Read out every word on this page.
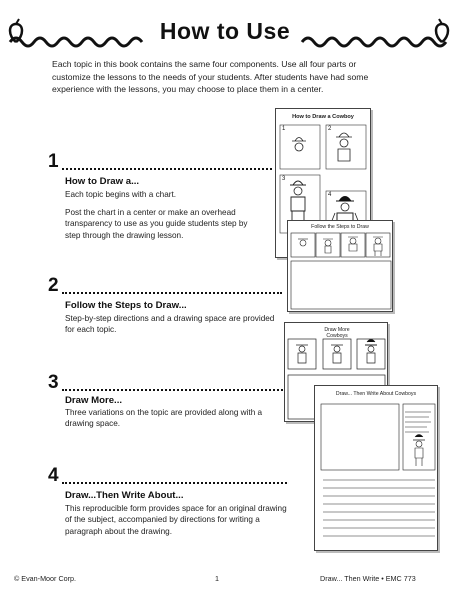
How to Use
Each topic in this book contains the same four components. Use all four parts or customize the lessons to the needs of your students. After students have had some experience with the lessons, you may choose to place them in a center.
1
How to Draw a...
Each topic begins with a chart.
Post the chart in a center or make an overhead transparency to use as you guide students step by step through the drawing lesson.
2
Follow the Steps to Draw...
Step-by-step directions and a drawing space are provided for each topic.
3
Draw More...
Three variations on the topic are provided along with a drawing space.
4
Draw...Then Write About...
This reproducible form provides space for an original drawing of the subject, accompanied by directions for writing a paragraph about the drawing.
How to Draw a Cowboy
1	2
3
4
Follow the Steps to Draw
Draw More Cowboys
Draw... Then Write About Cowboys
© Evan-Moor Corp.	1	Draw... Then Write • EMC 773
